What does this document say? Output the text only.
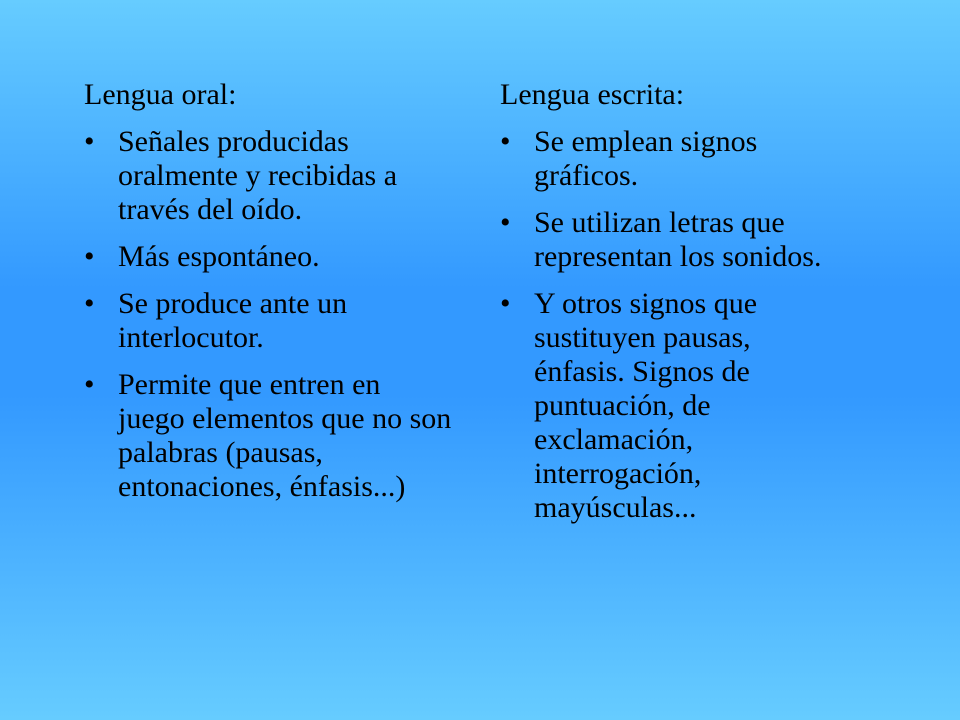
Lengua oral:
• Señales producidas oralmente y recibidas a través del oído.
• Más espontáneo.
• Se produce ante un interlocutor.
• Permite que entren en juego elementos que no son palabras (pausas, entonaciones, énfasis...)
Lengua escrita:
• Se emplean signos gráficos.
• Se utilizan letras que representan los sonidos.
• Y otros signos que sustituyen pausas, énfasis. Signos de puntuación, de exclamación, interrogación, mayúsculas...
